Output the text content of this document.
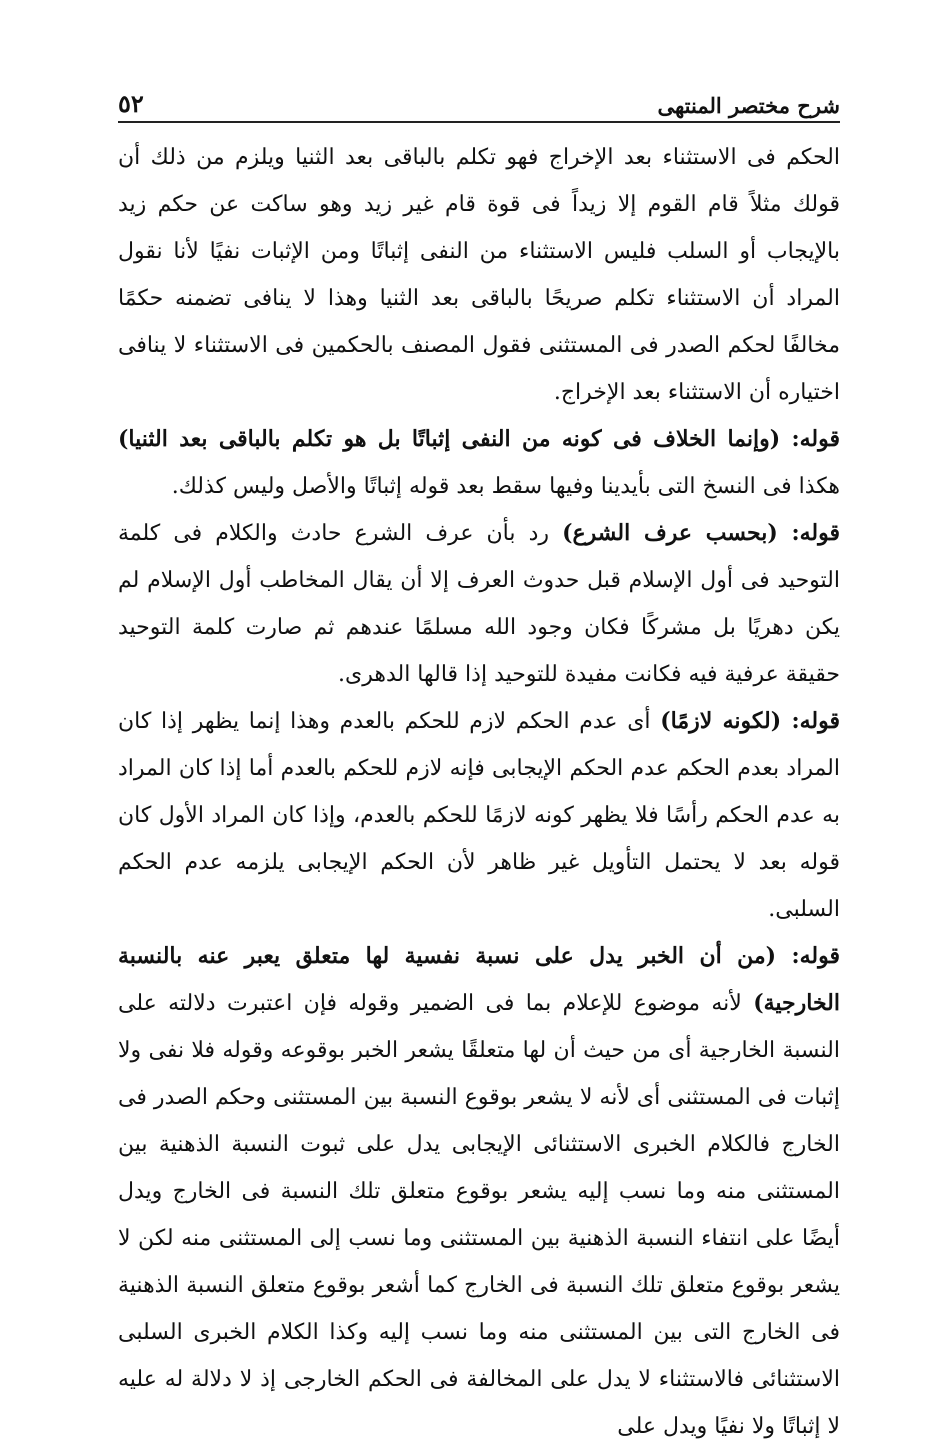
٥٢	شرح مختصر المنتهى

الحكم فى الاستثناء بعد الإخراج فهو تكلم بالباقى بعد الثنيا ويلزم من ذلك أن قولك مثلاً قام القوم إلا زيداً فى قوة قام غير زيد وهو ساكت عن حكم زيد بالإيجاب أو السلب فليس الاستثناء من النفى إثباتًا ومن الإثبات نفيًا لأنا نقول المراد أن الاستثناء تكلم صريحًا بالباقى بعد الثنيا وهذا لا ينافى تضمنه حكمًا مخالفًا لحكم الصدر فى المستثنى فقول المصنف بالحكمين فى الاستثناء لا ينافى اختياره أن الاستثناء بعد الإخراج.

قوله: (وإنما الخلاف فى كونه من النفى إثباتًا بل هو تكلم بالباقى بعد الثنيا) هكذا فى النسخ التى بأيدينا وفيها سقط بعد قوله إثباتًا والأصل وليس كذلك.

قوله: (بحسب عرف الشرع) رد بأن عرف الشرع حادث والكلام فى كلمة التوحيد فى أول الإسلام قبل حدوث العرف إلا أن يقال المخاطب أول الإسلام لم يكن دهريًا بل مشركًا فكان وجود الله مسلمًا عندهم ثم صارت كلمة التوحيد حقيقة عرفية فيه فكانت مفيدة للتوحيد إذا قالها الدهرى.

قوله: (لكونه لازمًا) أى عدم الحكم لازم للحكم بالعدم وهذا إنما يظهر إذا كان المراد بعدم الحكم عدم الحكم الإيجابى فإنه لازم للحكم بالعدم أما إذا كان المراد به عدم الحكم رأسًا فلا يظهر كونه لازمًا للحكم بالعدم، وإذا كان المراد الأول كان قوله بعد لا يحتمل التأويل غير ظاهر لأن الحكم الإيجابى يلزمه عدم الحكم السلبى.

قوله: (من أن الخبر يدل على نسبة نفسية لها متعلق يعبر عنه بالنسبة الخارجية) لأنه موضوع للإعلام بما فى الضمير وقوله فإن اعتبرت دلالته على النسبة الخارجية أى من حيث أن لها متعلقًا يشعر الخبر بوقوعه وقوله فلا نفى ولا إثبات فى المستثنى أى لأنه لا يشعر بوقوع النسبة بين المستثنى وحكم الصدر فى الخارج فالكلام الخبرى الاستثنائى الإيجابى يدل على ثبوت النسبة الذهنية بين المستثنى منه وما نسب إليه يشعر بوقوع متعلق تلك النسبة فى الخارج ويدل أيضًا على انتفاء النسبة الذهنية بين المستثنى وما نسب إلى المستثنى منه لكن لا يشعر بوقوع متعلق تلك النسبة فى الخارج كما أشعر بوقوع متعلق النسبة الذهنية فى الخارج التى بين المستثنى منه وما نسب إليه وكذا الكلام الخبرى السلبى الاستثنائى فالاستثناء لا يدل على المخالفة فى الحكم الخارجى إذ لا دلالة له عليه لا إثباتًا ولا نفيًا ويدل على
